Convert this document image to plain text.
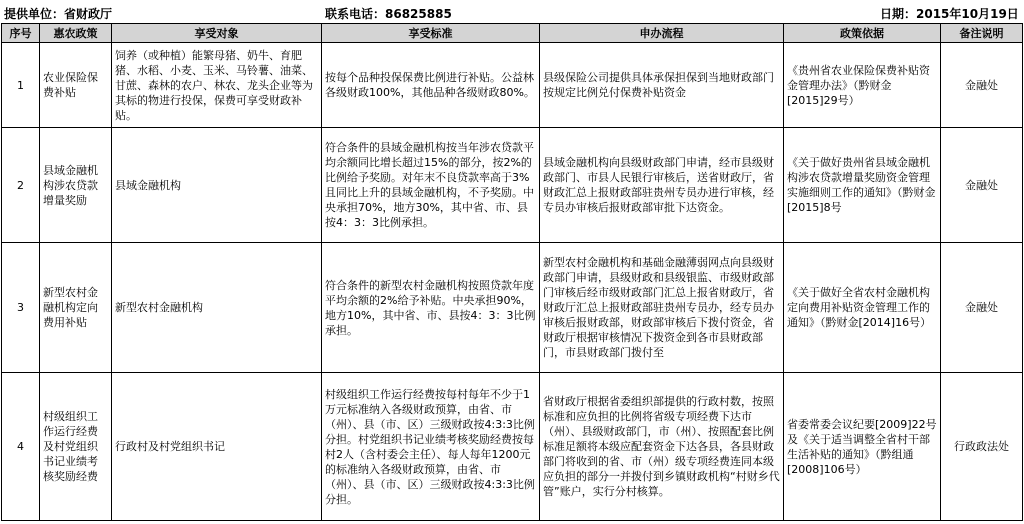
提供单位：省财政厅	联系电话：86825885	日期：2015年10月19日
序号	惠农政策	享受对象	享受标准	申办流程	政策依据	备注说明
1	农业保险保费补贴	饲养（或种植）能繁母猪、奶牛、育肥猪、水稻、小麦、玉米、马铃薯、油菜、甘蔗、森林的农户、林农、龙头企业等为其标的物进行投保，保费可享受财政补贴。	按每个品种投保保费比例进行补贴。公益林各级财政100%，其他品种各级财政80%。	县级保险公司提供具体承保担保到当地财政部门按规定比例兑付保费补贴资金	《贵州省农业保险保费补贴资金管理办法》（黔财金[2015]29号）	金融处
2	县域金融机构涉农贷款增量奖励	县域金融机构	符合条件的县域金融机构按当年涉农贷款平均余额同比增长超过15%的部分，按2%的比例给予奖励。对年末不良贷款率高于3%且同比上升的县域金融机构，不予奖励。中央承担70%，地方30%，其中省、市、县按4：3：3比例承担。	县域金融机构向县级财政部门申请，经市县级财政部门、市县人民银行审核后，送省财政厅，省财政汇总上报财政部驻贵州专员办进行审核，经专员办审核后报财政部审批下达资金。	《关于做好贵州省县域金融机构涉农贷款增量奖励资金管理实施细则工作的通知》（黔财金[2015]8号	金融处
3	新型农村金融机构定向费用补贴	新型农村金融机构	符合条件的新型农村金融机构按照贷款年度平均余额的2%给予补贴。中央承担90%，地方10%，其中省、市、县按4：3：3比例承担。	新型农村金融机构和基础金融薄弱网点向县级财政部门申请，县级财政和县级银监、市级财政部门审核后经市级财政部门汇总上报省财政厅，省财政厅汇总上报财政部驻贵州专员办，经专员办审核后报财政部，财政部审核后下拨付资金，省财政厅根据审核情况下拨资金到各市县财政部门，市县财政部门拨付至	《关于做好全省农村金融机构定向费用补贴资金管理工作的通知》（黔财金[2014]16号）	金融处
4	村级组织工作运行经费及村党组织书记业绩考核奖励经费	行政村及村党组织书记	村级组织工作运行经费按每村每年不少于1万元标准纳入各级财政预算，由省、市（州）、县（市、区）三级财政按4:3:3比例分担。村党组织书记业绩考核奖励经费按每村2人（含村委会主任）、每人每年1200元的标准纳入各级财政预算，由省、市（州）、县（市、区）三级财政按4:3:3比例分担。	省财政厅根据省委组织部提供的行政村数，按照标准和应负担的比例将省级专项经费下达市（州）、县级财政部门，市（州）、按照配套比例标准足额将本级应配套资金下达各县，各县财政部门将收到的省、市（州）级专项经费连同本级应负担的部分一并拨付到乡镇财政机构“村财乡代管”账户，实行分村核算。	省委常委会议纪要[2009]22号及《关于适当调整全省村干部生活补贴的通知》（黔组通[2008]106号）	行政政法处
